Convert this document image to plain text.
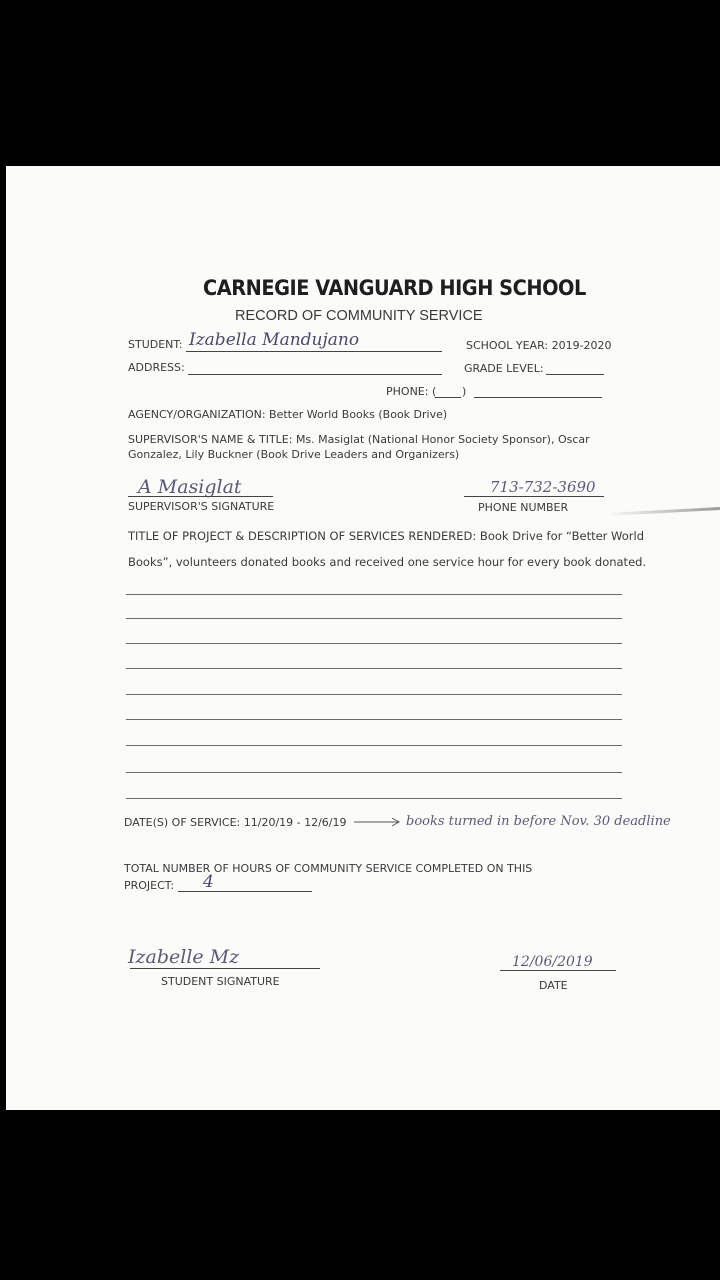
CARNEGIE VANGUARD HIGH SCHOOL
RECORD OF COMMUNITY SERVICE
STUDENT: Izabella Mandujano	SCHOOL YEAR: 2019-2020
ADDRESS:	GRADE LEVEL:
PHONE: ( )
AGENCY/ORGANIZATION: Better World Books (Book Drive)
SUPERVISOR'S NAME & TITLE: Ms. Masiglat (National Honor Society Sponsor), Oscar
Gonzalez, Lily Buckner (Book Drive Leaders and Organizers)
A Masiglat
SUPERVISOR'S SIGNATURE
713-732-3690
PHONE NUMBER
TITLE OF PROJECT & DESCRIPTION OF SERVICES RENDERED: Book Drive for “Better World
Books”, volunteers donated books and received one service hour for every book donated.
DATE(S) OF SERVICE: 11/20/19 - 12/6/19	books turned in before Nov. 30 deadline
TOTAL NUMBER OF HOURS OF COMMUNITY SERVICE COMPLETED ON THIS
PROJECT: 4
Izabelle Mz
STUDENT SIGNATURE
12/06/2019
DATE
